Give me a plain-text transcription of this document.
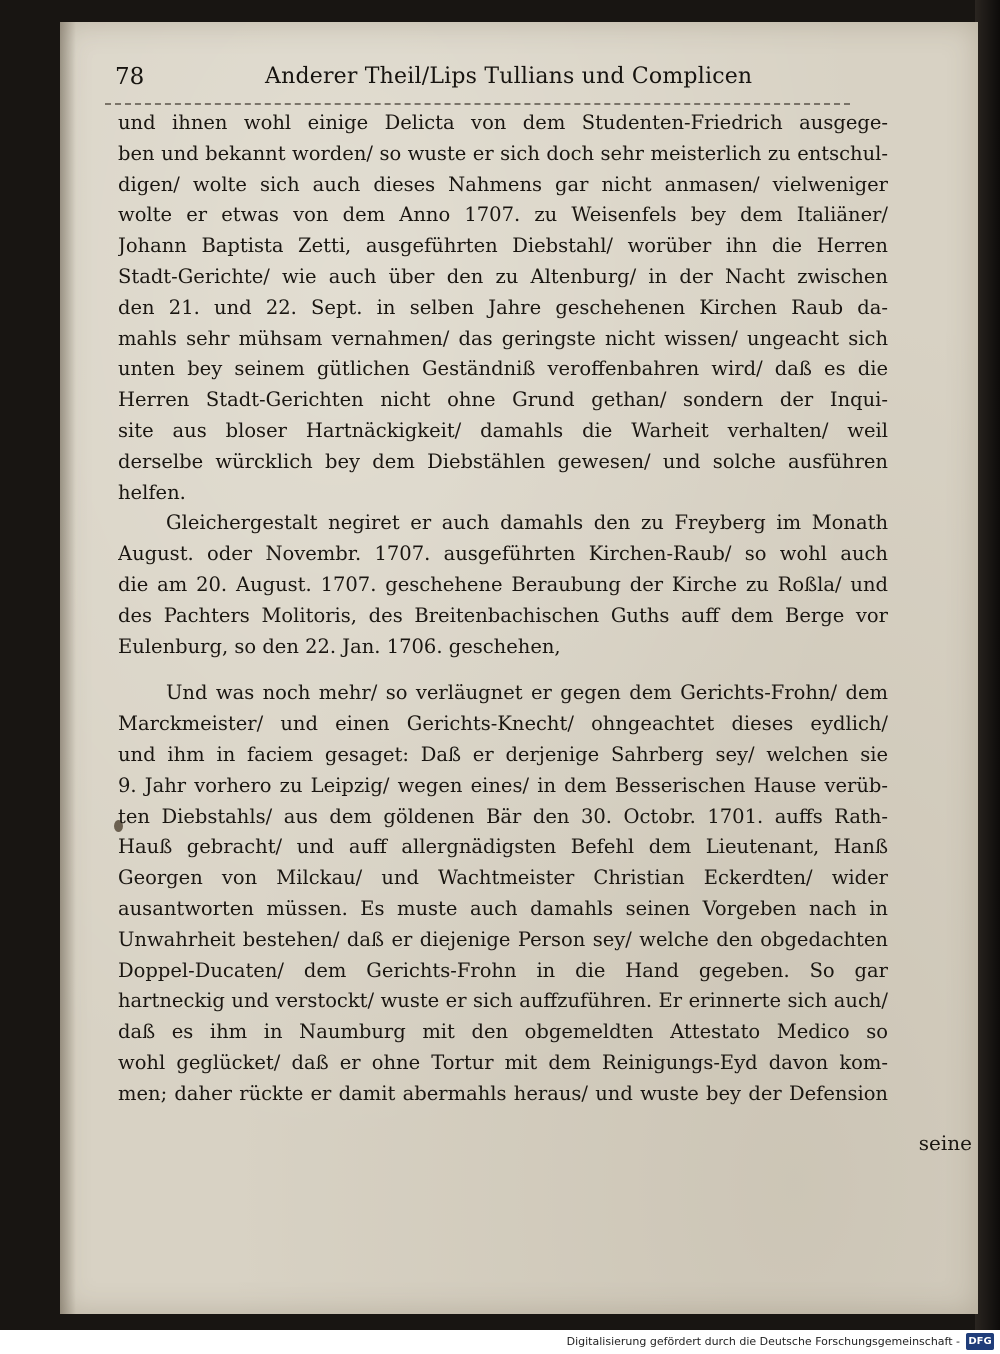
78	Anderer Theil/Lips Tullians und Complicen
und ihnen wohl einige Delicta von dem Studenten-Friedrich ausgege-
ben und bekannt worden/ so wuste er sich doch sehr meisterlich zu entschul-
digen/ wolte sich auch dieses Nahmens gar nicht anmasen/ vielweniger
wolte er etwas von dem Anno 1707. zu Weisenfels bey dem Italiäner/
Johann Baptista Zetti, ausgeführten Diebstahl/ worüber ihn die Herren
Stadt-Gerichte/ wie auch über den zu Altenburg/ in der Nacht zwischen
den 21. und 22. Sept. in selben Jahre geschehenen Kirchen Raub da-
mahls sehr mühsam vernahmen/ das geringste nicht wissen/ ungeacht sich
unten bey seinem gütlichen Geständniß veroffenbahren wird/ daß es die
Herren Stadt-Gerichten nicht ohne Grund gethan/ sondern der Inqui-
site aus bloser Hartnäckigkeit/ damahls die Warheit verhalten/ weil
derselbe würcklich bey dem Diebstählen gewesen/ und solche ausführen
helfen.
Gleichergestalt negiret er auch damahls den zu Freyberg im Monath
August. oder Novembr. 1707. ausgeführten Kirchen-Raub/ so wohl auch
die am 20. August. 1707. geschehene Beraubung der Kirche zu Roßla/ und
des Pachters Molitoris, des Breitenbachischen Guths auff dem Berge vor
Eulenburg, so den 22. Jan. 1706. geschehen,
Und was noch mehr/ so verläugnet er gegen dem Gerichts-Frohn/ dem
Marckmeister/ und einen Gerichts-Knecht/ ohngeachtet dieses eydlich/
und ihm in faciem gesaget: Daß er derjenige Sahrberg sey/ welchen sie
9. Jahr vorhero zu Leipzig/ wegen eines/ in dem Besserischen Hause verüb-
ten Diebstahls/ aus dem göldenen Bär den 30. Octobr. 1701. auffs Rath-
Hauß gebracht/ und auff allergnädigsten Befehl dem Lieutenant, Hanß
Georgen von Milckau/ und Wachtmeister Christian Eckerdten/ wider
ausantworten müssen. Es muste auch damahls seinen Vorgeben nach in
Unwahrheit bestehen/ daß er diejenige Person sey/ welche den obgedachten
Doppel-Ducaten/ dem Gerichts-Frohn in die Hand gegeben. So gar
hartneckig und verstockt/ wuste er sich auffzuführen. Er erinnerte sich auch/
daß es ihm in Naumburg mit den obgemeldten Attestato Medico so
wohl geglücket/ daß er ohne Tortur mit dem Reinigungs-Eyd davon kom-
men; daher rückte er damit abermahls heraus/ und wuste bey der Defension
seine
Digitalisierung gefördert durch die Deutsche Forschungsgemeinschaft - DFG
